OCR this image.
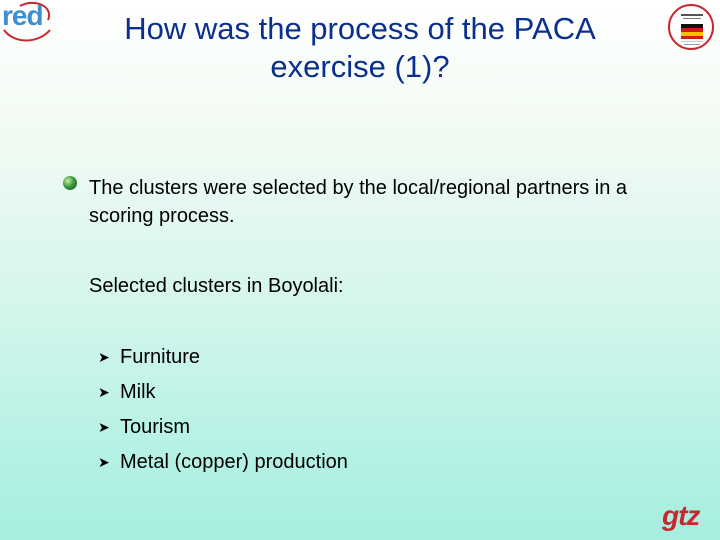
red	How was the process of the PACA exercise (1)?
The clusters were selected by the local/regional partners in a scoring process.
Selected clusters in Boyolali:
➤ Furniture
➤ Milk
➤ Tourism
➤ Metal (copper) production
gtz
